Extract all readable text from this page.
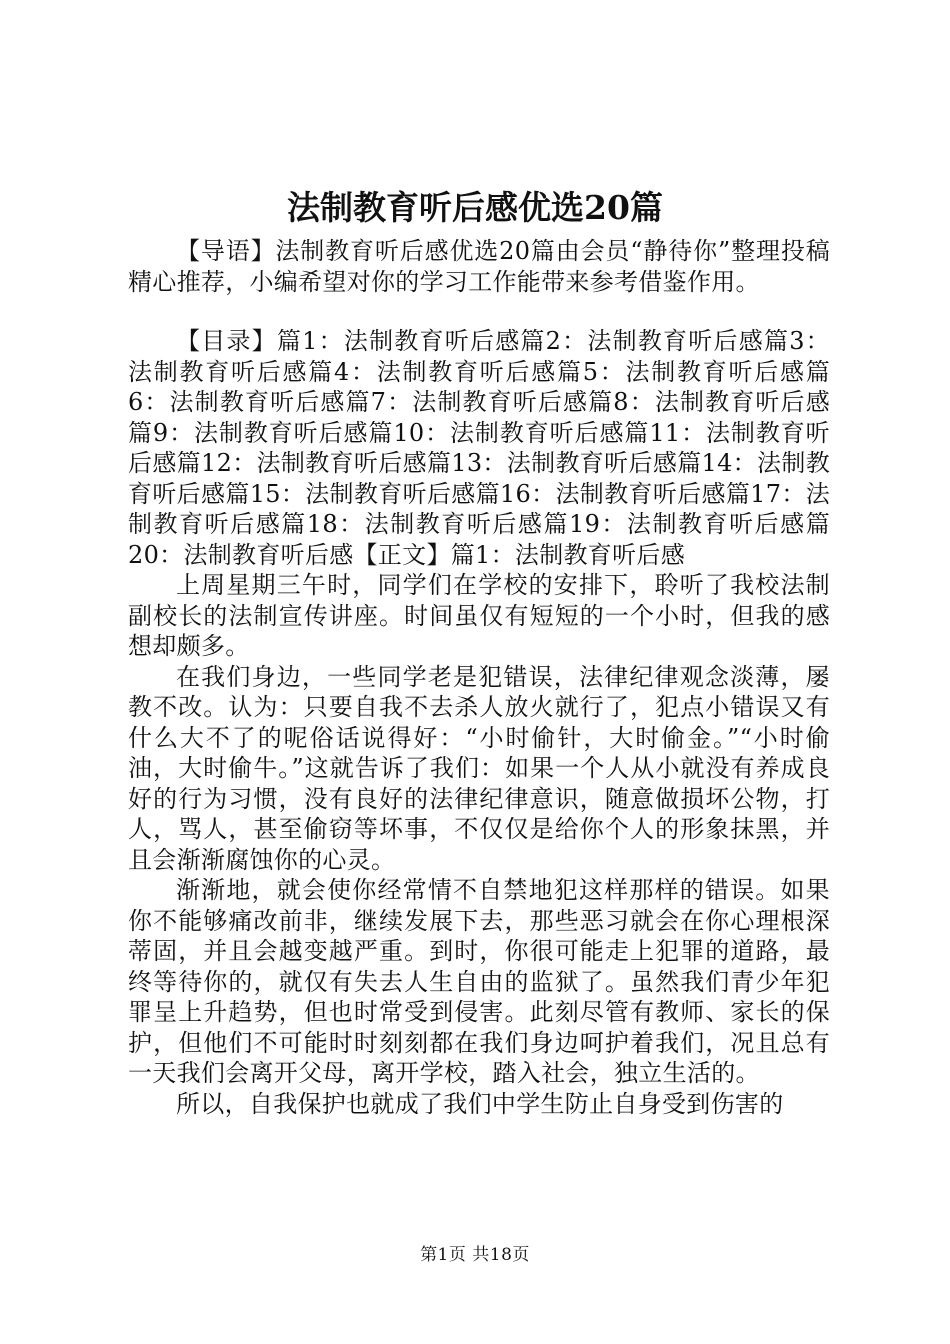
法制教育听后感优选20篇

【导语】法制教育听后感优选20篇由会员“静待你”整理投稿精心推荐，小编希望对你的学习工作能带来参考借鉴作用。

【目录】篇1：法制教育听后感篇2：法制教育听后感篇3：法制教育听后感篇4：法制教育听后感篇5：法制教育听后感篇6：法制教育听后感篇7：法制教育听后感篇8：法制教育听后感篇9：法制教育听后感篇10：法制教育听后感篇11：法制教育听后感篇12：法制教育听后感篇13：法制教育听后感篇14：法制教育听后感篇15：法制教育听后感篇16：法制教育听后感篇17：法制教育听后感篇18：法制教育听后感篇19：法制教育听后感篇20：法制教育听后感【正文】篇1：法制教育听后感

上周星期三午时，同学们在学校的安排下，聆听了我校法制副校长的法制宣传讲座。时间虽仅有短短的一个小时，但我的感想却颇多。

在我们身边，一些同学老是犯错误，法律纪律观念淡薄，屡教不改。认为：只要自我不去杀人放火就行了，犯点小错误又有什么大不了的呢俗话说得好：“小时偷针，大时偷金。”“小时偷油，大时偷牛。”这就告诉了我们：如果一个人从小就没有养成良好的行为习惯，没有良好的法律纪律意识，随意做损坏公物，打人，骂人，甚至偷窃等坏事，不仅仅是给你个人的形象抹黑，并且会渐渐腐蚀你的心灵。

渐渐地，就会使你经常情不自禁地犯这样那样的错误。如果你不能够痛改前非，继续发展下去，那些恶习就会在你心理根深蒂固，并且会越变越严重。到时，你很可能走上犯罪的道路，最终等待你的，就仅有失去人生自由的监狱了。虽然我们青少年犯罪呈上升趋势，但也时常受到侵害。此刻尽管有教师、家长的保护，但他们不可能时时刻刻都在我们身边呵护着我们，况且总有一天我们会离开父母，离开学校，踏入社会，独立生活的。

所以，自我保护也就成了我们中学生防止自身受到伤害的

第1页 共18页
